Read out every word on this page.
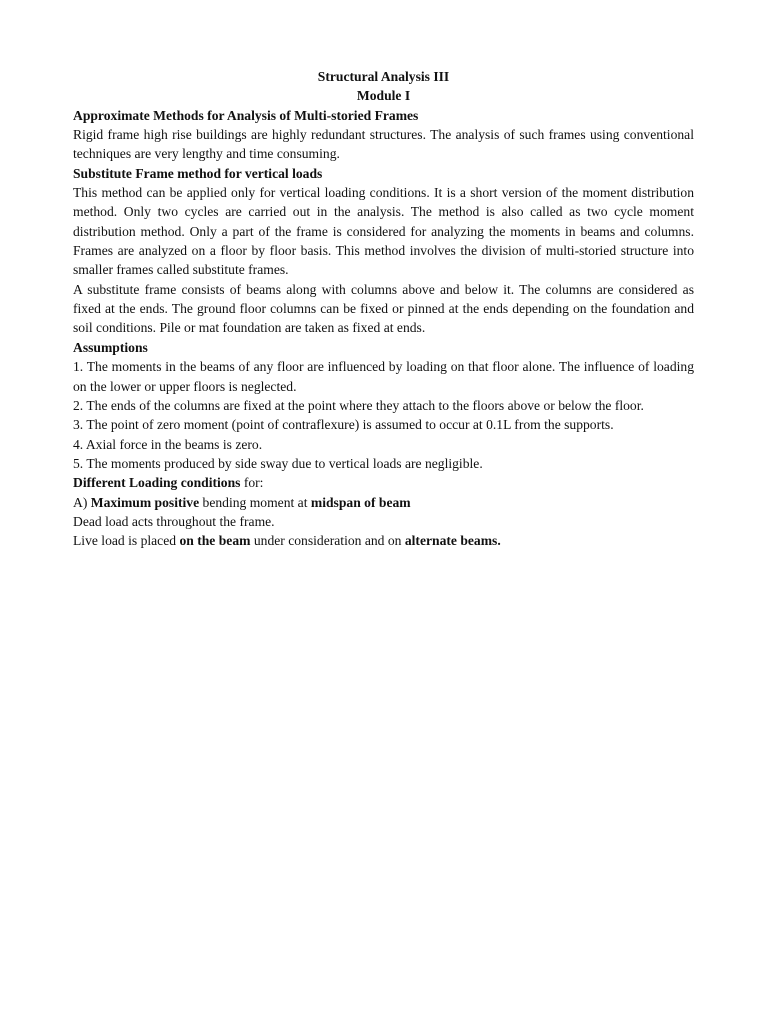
Structural Analysis III
Module I
Approximate Methods for Analysis of Multi-storied Frames
Rigid frame high rise buildings are highly redundant structures. The analysis of such frames using conventional techniques are very lengthy and time consuming.
Substitute Frame method for vertical loads
This method can be applied only for vertical loading conditions. It is a short version of the moment distribution method. Only two cycles are carried out in the analysis. The method is also called as two cycle moment distribution method. Only a part of the frame is considered for analyzing the moments in beams and columns. Frames are analyzed on a floor by floor basis. This method involves the division of multi-storied structure into smaller frames called substitute frames.
A substitute frame consists of beams along with columns above and below it. The columns are considered as fixed at the ends. The ground floor columns can be fixed or pinned at the ends depending on the foundation and soil conditions. Pile or mat foundation are taken as fixed at ends.
Assumptions
1. The moments in the beams of any floor are influenced by loading on that floor alone. The influence of loading on the lower or upper floors is neglected.
2. The ends of the columns are fixed at the point where they attach to the floors above or below the floor.
3. The point of zero moment (point of contraflexure) is assumed to occur at 0.1L from the supports.
4. Axial force in the beams is zero.
5. The moments produced by side sway due to vertical loads are negligible.
Different Loading conditions for:
A) Maximum positive bending moment at midspan of beam
Dead load acts throughout the frame.
Live load is placed on the beam under consideration and on alternate beams.
